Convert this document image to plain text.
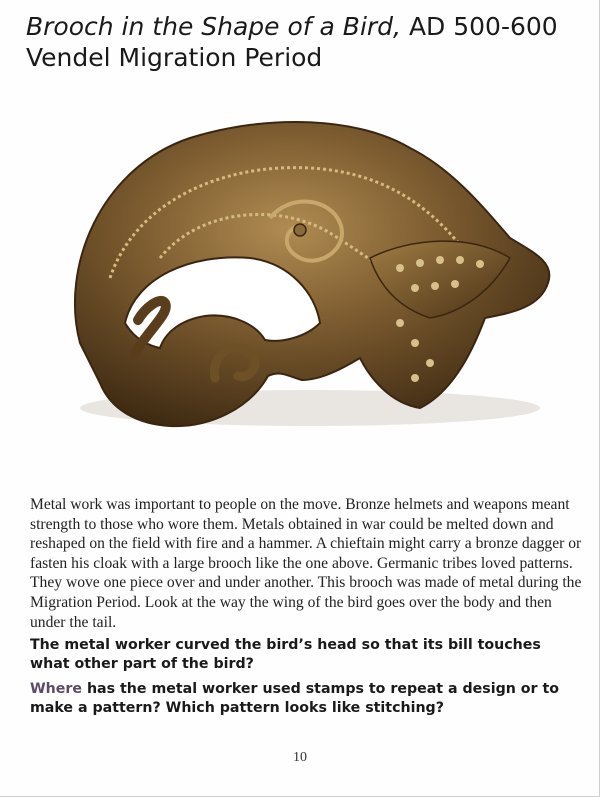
Brooch in the Shape of a Bird, AD 500-600
Vendel Migration Period

Metal work was important to people on the move. Bronze helmets and weapons meant strength to those who wore them. Metals obtained in war could be melted down and reshaped on the field with fire and a hammer. A chieftain might carry a bronze dagger or fasten his cloak with a large brooch like the one above. Germanic tribes loved patterns. They wove one piece over and under another. This brooch was made of metal during the Migration Period. Look at the way the wing of the bird goes over the body and then under the tail.

The metal worker curved the bird’s head so that its bill touches what other part of the bird?
Where has the metal worker used stamps to repeat a design or to make a pattern? Which pattern looks like stitching?
10
